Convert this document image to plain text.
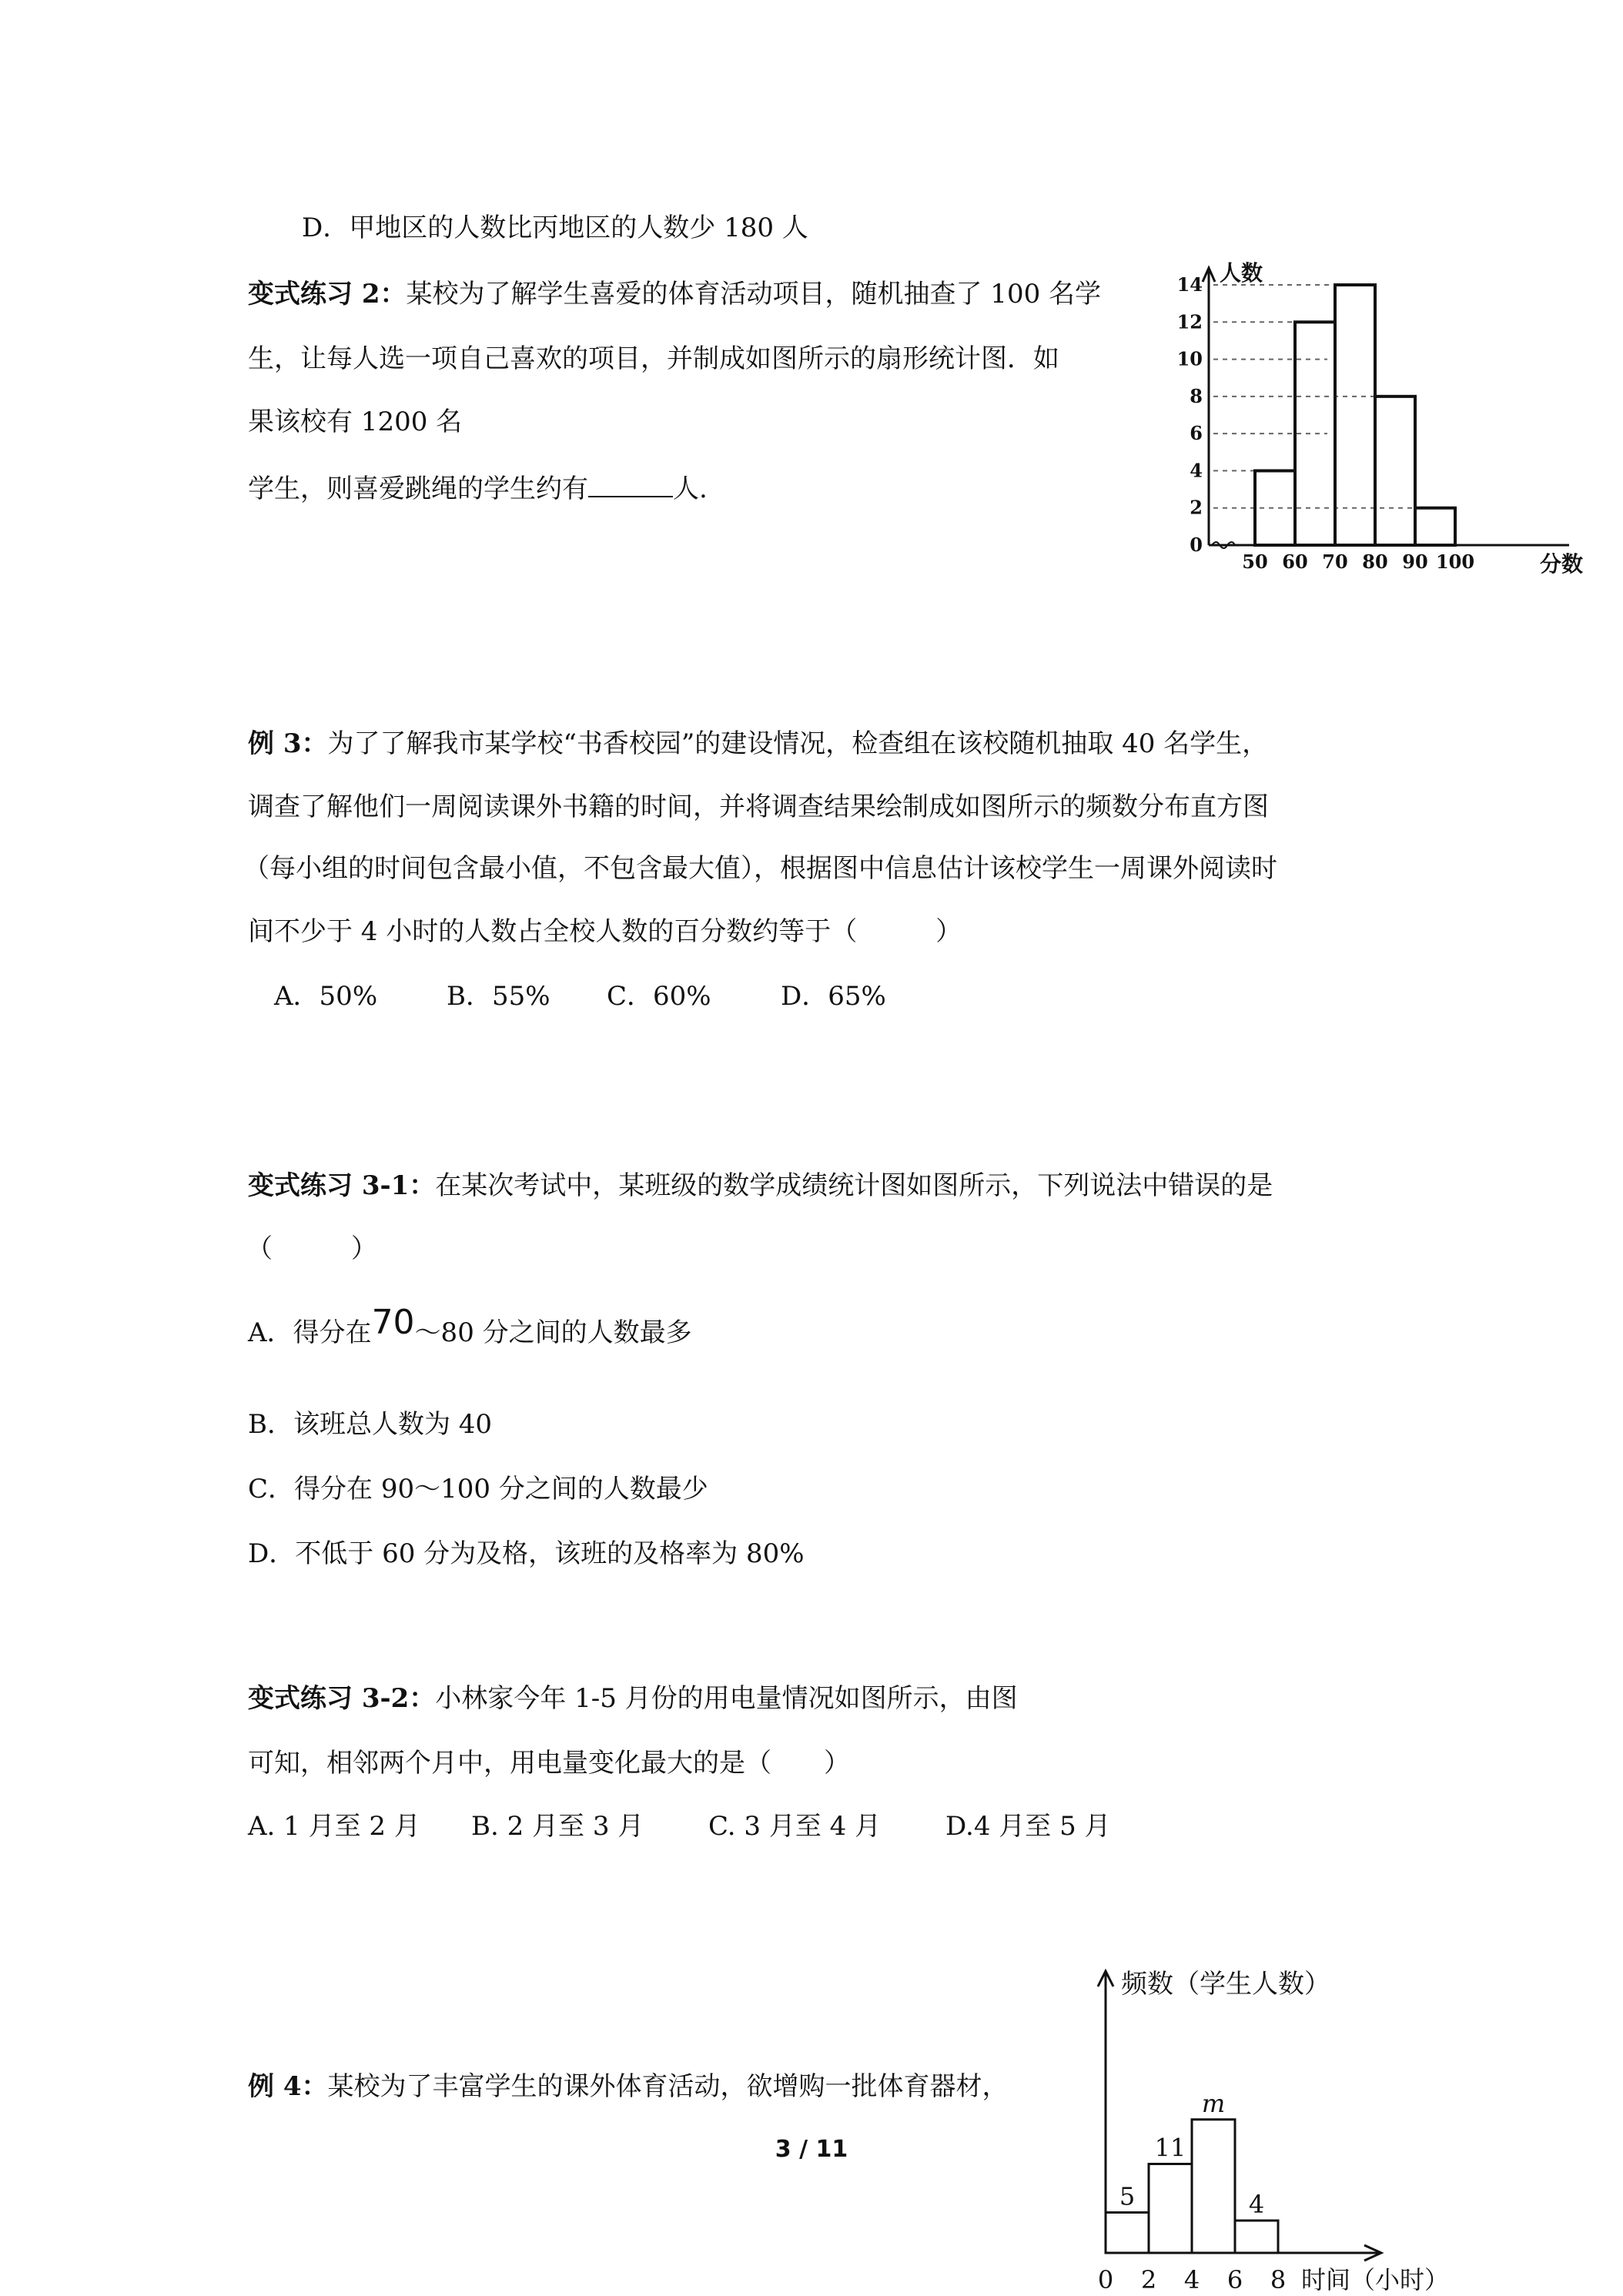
D．甲地区的人数比丙地区的人数少 180 人
变式练习 2：某校为了解学生喜爱的体育活动项目，随机抽查了 100 名学
生，让每人选一项自己喜欢的项目，并制成如图所示的扇形统计图．如
果该校有 1200 名
学生，则喜爱跳绳的学生约有	人.
例 3：为了了解我市某学校“书香校园”的建设情况，检查组在该校随机抽取 40 名学生，
调查了解他们一周阅读课外书籍的时间，并将调查结果绘制成如图所示的频数分布直方图
（每小组的时间包含最小值，不包含最大值），根据图中信息估计该校学生一周课外阅读时
间不少于 4 小时的人数占全校人数的百分数约等于（　　　）
A．50%	B．55% C．60%	D．65%
变式练习 3-1：在某次考试中，某班级的数学成绩统计图如图所示，下列说法中错误的是
（　　　）
A．得分在70～80 分之间的人数最多
B．该班总人数为 40
C．得分在 90～100 分之间的人数最少
D．不低于 60 分为及格，该班的及格率为 80%
变式练习 3-2：小林家今年 1-5 月份的用电量情况如图所示，由图
可知，相邻两个月中，用电量变化最大的是（　　）
A. 1 月至 2 月 B. 2 月至 3 月 C. 3 月至 4 月 D.4 月至 5 月
例 4：某校为了丰富学生的课外体育活动，欲增购一批体育器材，
3 / 11
0
2
4
6
8
10
12
14
50 60 70 80 90 100
人数
分数
5
11
m
4
0 2 4 6 8
频数（学生人数）
时间（小时）
